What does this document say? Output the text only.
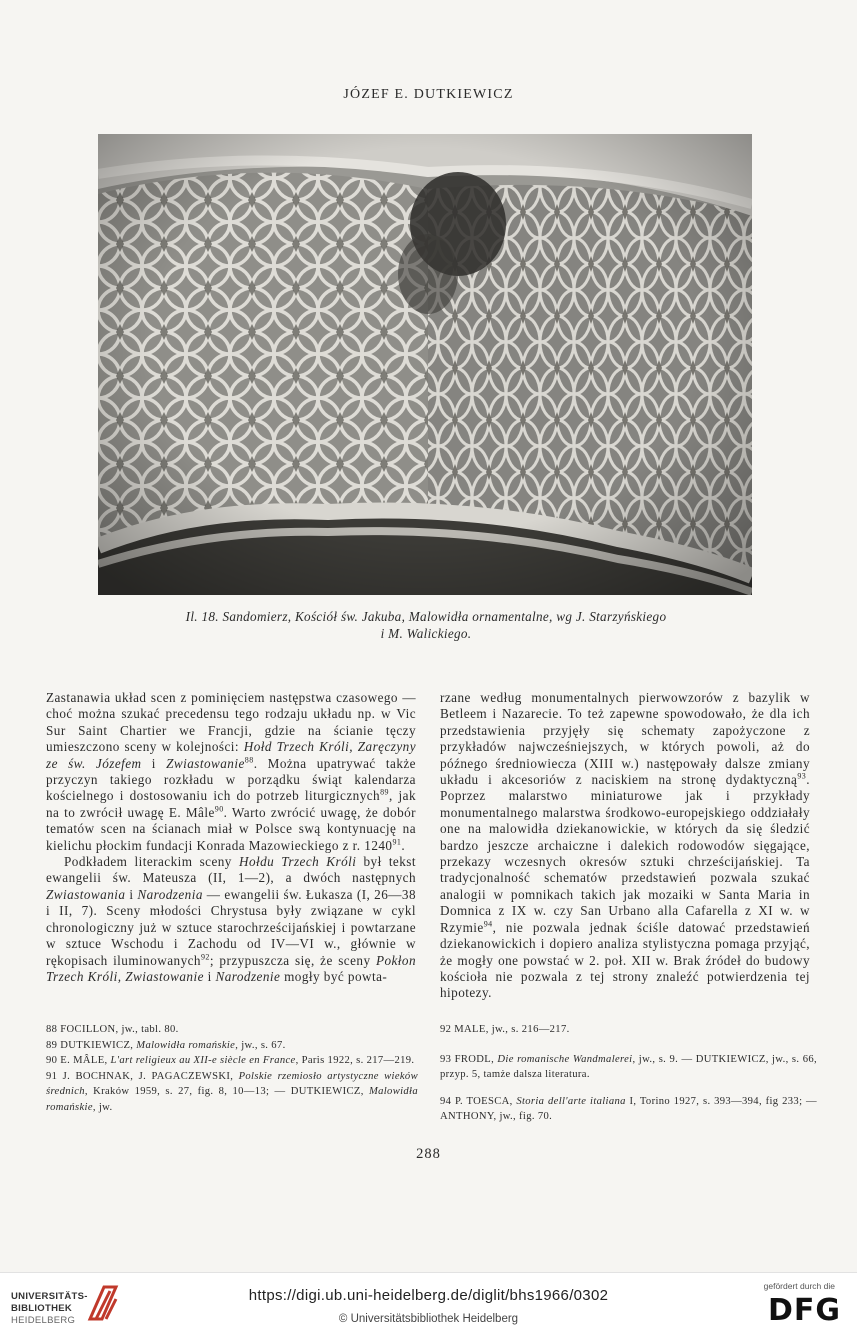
JÓZEF E. DUTKIEWICZ
Il. 18. Sandomierz, Kościół św. Jakuba, Malowidła ornamentalne, wg J. Starzyńskiego
i M. Walickiego.

Zastanawia układ scen z pominięciem następstwa czasowego — choć można szukać precedensu tego rodzaju układu np. w Vic Sur Saint Chartier we Francji, gdzie na ścianie tęczy umieszczono sceny w kolejności: Hołd Trzech Króli, Zaręczyny ze św. Józefem i Zwiastowanie$^{88}$. Można upatrywać także przyczyn takiego rozkładu w porządku świąt kalendarza kościelnego i dostosowaniu ich do potrzeb liturgicznych$^{89}$, jak na to zwrócił uwagę E. Mâle$^{90}$. Warto zwrócić uwagę, że dobór tematów scen na ścianach miał w Polsce swą kontynuację na kielichu płockim fundacji Konrada Mazowieckiego z r. 1240$^{91}$.

Podkładem literackim sceny Hołdu Trzech Króli był tekst ewangelii św. Mateusza (II, 1—2), a dwóch następnych Zwiastowania i Narodzenia — ewangelii św. Łukasza (I, 26—38 i II, 7). Sceny młodości Chrystusa były związane w cykl chronologiczny już w sztuce starochrześcijańskiej i powtarzane w sztuce Wschodu i Zachodu od IV—VI w., głównie w rękopisach iluminowanych$^{92}$; przypuszcza się, że sceny Pokłon Trzech Króli, Zwiastowanie i Narodzenie mogły być powta-

rzane według monumentalnych pierwowzorów z bazylik w Betleem i Nazarecie. To też zapewne spowodowało, że dla ich przedstawienia przyjęły się schematy zapożyczone z przykładów najwcześniejszych, w których powoli, aż do późnego średniowiecza (XIII w.) następowały dalsze zmiany układu i akcesoriów z naciskiem na stronę dydaktyczną$^{93}$. Poprzez malarstwo miniaturowe jak i przykłady monumentalnego malarstwa środkowo-europejskiego oddziałały one na malowidła dziekanowickie, w których da się śledzić bardzo jeszcze archaiczne i dalekich rodowodów sięgające, przekazy wczesnych okresów sztuki chrześcijańskiej. Ta tradycjonalność schematów przedstawień pozwala szukać analogii w pomnikach takich jak mozaiki w Santa Maria in Domnica z IX w. czy San Urbano alla Cafarella z XI w. w Rzymie$^{94}$, nie pozwala jednak ściśle datować przedstawień dziekanowickich i dopiero analiza stylistyczna pomaga przyjąć, że mogły one powstać w 2. poł. XII w. Brak źródeł do budowy kościoła nie pozwala z tej strony znaleźć potwierdzenia tej hipotezy.

88 FOCILLON, jw., tabl. 80.

89 DUTKIEWICZ, Malowidła romańskie, jw., s. 67.

90 E. MÂLE, L'art religieux au XII-e siècle en France, Paris 1922, s. 217—219.

91 J. BOCHNAK, J. PAGACZEWSKI, Polskie rzemiosło artystyczne wieków średnich, Kraków 1959, s. 27, fig. 8, 10—13; — DUTKIEWICZ, Malowidła romańskie, jw.

92 MALE, jw., s. 216—217.

93 FRODL, Die romanische Wandmalerei, jw., s. 9. — DUTKIEWICZ, jw., s. 66, przyp. 5, tamże dalsza literatura.

94 P. TOESCA, Storia dell'arte italiana I, Torino 1927, s. 393—394, fig 233; — ANTHONY, jw., fig. 70.

288
UNIVERSITÄTS-
BIBLIOTHEK
HEIDELBERG
https://digi.ub.uni-heidelberg.de/diglit/bhs1966/0302
© Universitätsbibliothek Heidelberg
gefördert durch die
DFG
